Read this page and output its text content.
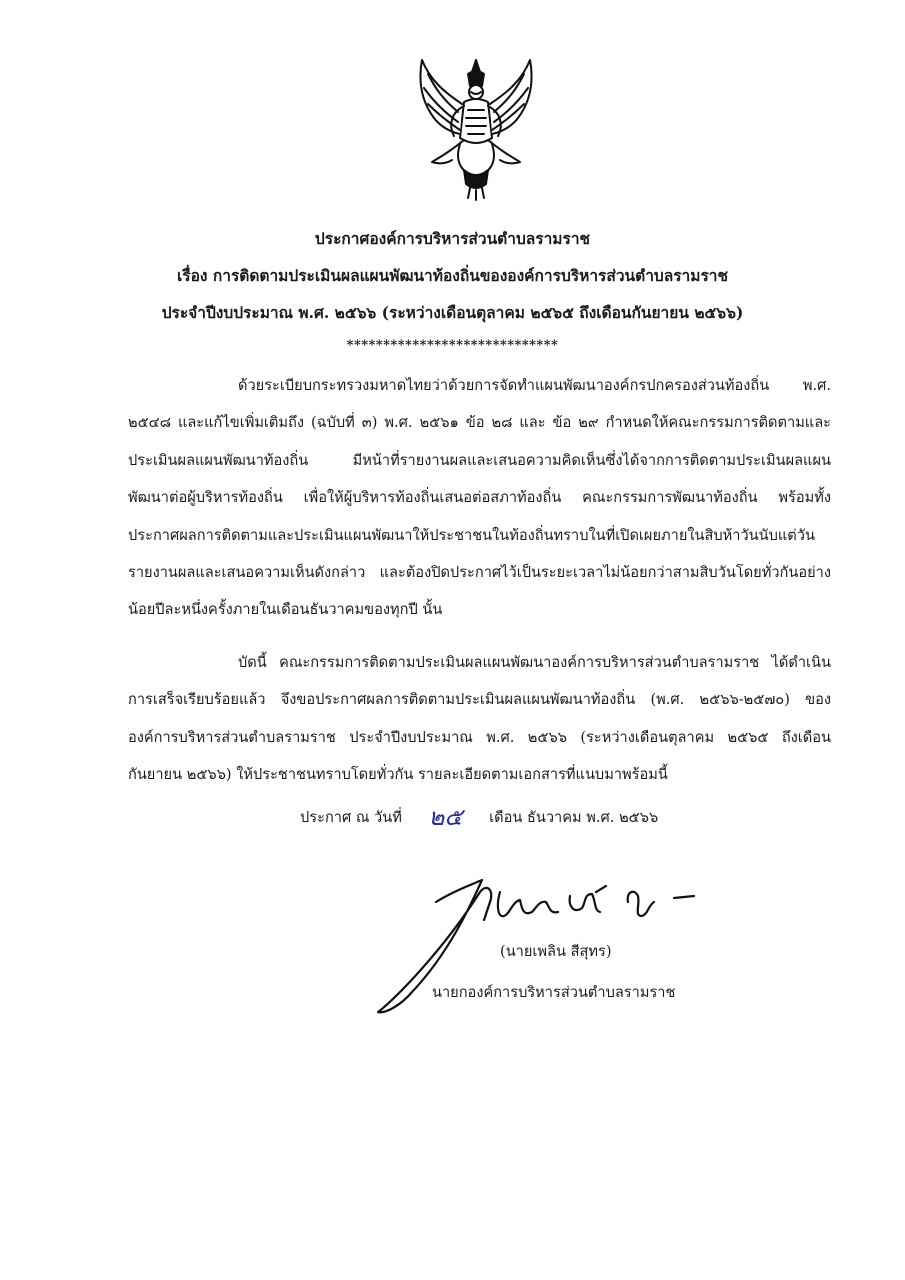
ประกาศองค์การบริหารส่วนตำบลรามราช
เรื่อง การติดตามประเมินผลแผนพัฒนาท้องถิ่นขององค์การบริหารส่วนตำบลรามราช
ประจำปีงบประมาณ พ.ศ. ๒๕๖๖ (ระหว่างเดือนตุลาคม ๒๕๖๕ ถึงเดือนกันยายน ๒๕๖๖)
*****************************

ด้วยระเบียบกระทรวงมหาดไทยว่าด้วยการจัดทำแผนพัฒนาองค์กรปกครองส่วนท้องถิ่น พ.ศ. ๒๕๔๘ และแก้ไขเพิ่มเติมถึง (ฉบับที่ ๓) พ.ศ. ๒๕๖๑ ข้อ ๒๘ และ ข้อ ๒๙ กำหนดให้คณะกรรมการติดตามและประเมินผลแผนพัฒนาท้องถิ่น มีหน้าที่รายงานผลและเสนอความคิดเห็นซึ่งได้จากการติดตามประเมินผลแผนพัฒนาต่อผู้บริหารท้องถิ่น เพื่อให้ผู้บริหารท้องถิ่นเสนอต่อสภาท้องถิ่น คณะกรรมการพัฒนาท้องถิ่น พร้อมทั้งประกาศผลการติดตามและประเมินแผนพัฒนาให้ประชาชนในท้องถิ่นทราบในที่เปิดเผยภายในสิบห้าวันนับแต่วันรายงานผลและเสนอความเห็นดังกล่าว และต้องปิดประกาศไว้เป็นระยะเวลาไม่น้อยกว่าสามสิบวันโดยทั่วกันอย่างน้อยปีละหนึ่งครั้งภายในเดือนธันวาคมของทุกปี นั้น

บัดนี้ คณะกรรมการติดตามประเมินผลแผนพัฒนาองค์การบริหารส่วนตำบลรามราช ได้ดำเนินการเสร็จเรียบร้อยแล้ว จึงขอประกาศผลการติดตามประเมินผลแผนพัฒนาท้องถิ่น (พ.ศ. ๒๕๖๖-๒๕๗๐) ขององค์การบริหารส่วนตำบลรามราช ประจำปีงบประมาณ พ.ศ. ๒๕๖๖ (ระหว่างเดือนตุลาคม ๒๕๖๕ ถึงเดือนกันยายน ๒๕๖๖) ให้ประชาชนทราบโดยทั่วกัน รายละเอียดตามเอกสารที่แนบมาพร้อมนี้

ประกาศ ณ วันที่ ๒๕ เดือน ธันวาคม พ.ศ. ๒๕๖๖
(นายเพลิน สีสุทร)
นายกองค์การบริหารส่วนตำบลรามราช
